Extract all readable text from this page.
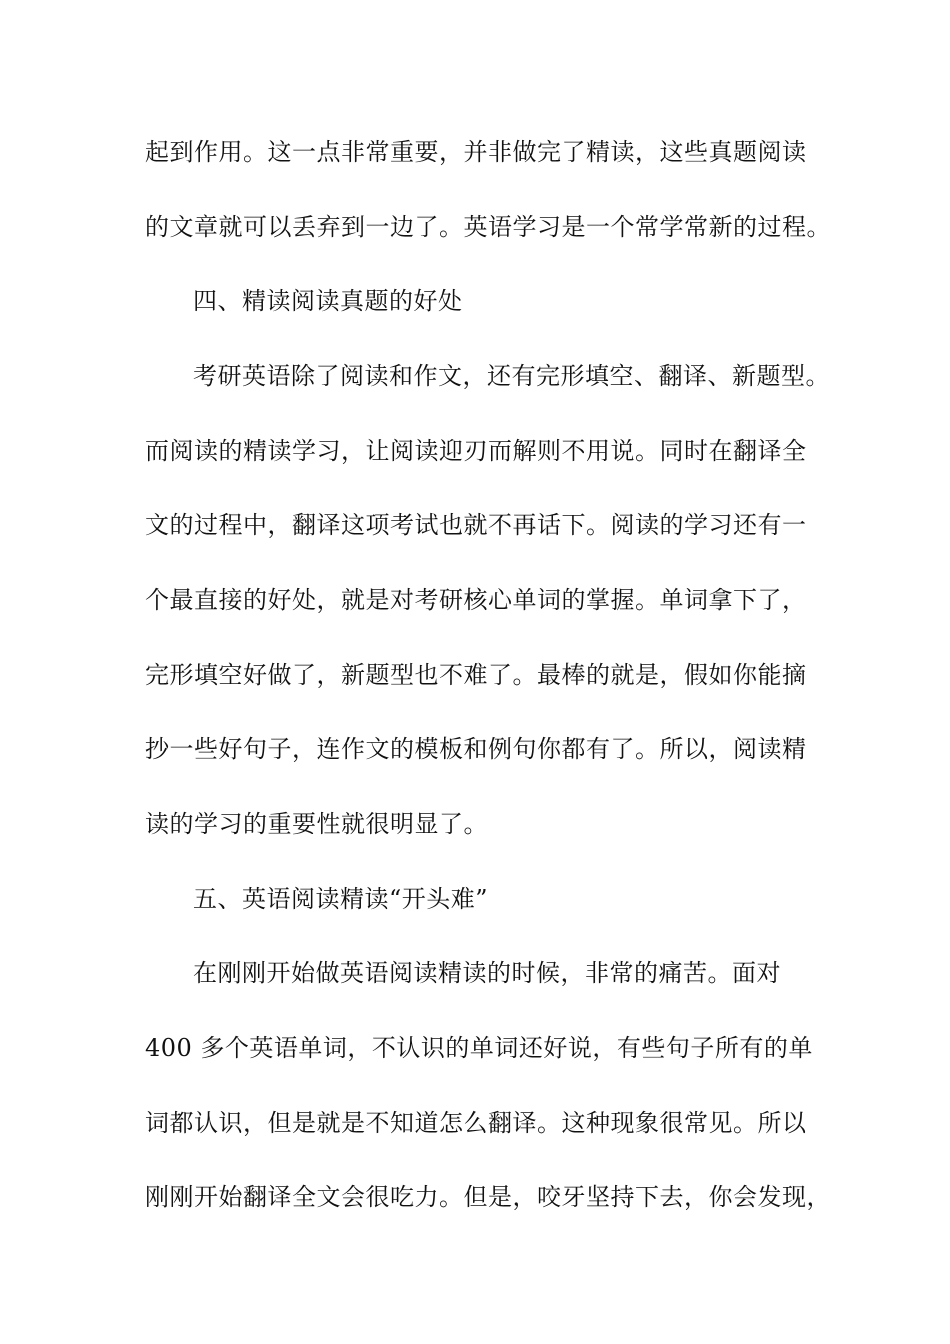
起到作用。这一点非常重要，并非做完了精读，这些真题阅读
的文章就可以丢弃到一边了。英语学习是一个常学常新的过程。
四、精读阅读真题的好处
考研英语除了阅读和作文，还有完形填空、翻译、新题型。
而阅读的精读学习，让阅读迎刃而解则不用说。同时在翻译全
文的过程中，翻译这项考试也就不再话下。阅读的学习还有一
个最直接的好处，就是对考研核心单词的掌握。单词拿下了，
完形填空好做了，新题型也不难了。最棒的就是，假如你能摘
抄一些好句子，连作文的模板和例句你都有了。所以，阅读精
读的学习的重要性就很明显了。
五、英语阅读精读“开头难”
在刚刚开始做英语阅读精读的时候，非常的痛苦。面对
400 多个英语单词，不认识的单词还好说，有些句子所有的单
词都认识，但是就是不知道怎么翻译。这种现象很常见。所以
刚刚开始翻译全文会很吃力。但是，咬牙坚持下去，你会发现，
